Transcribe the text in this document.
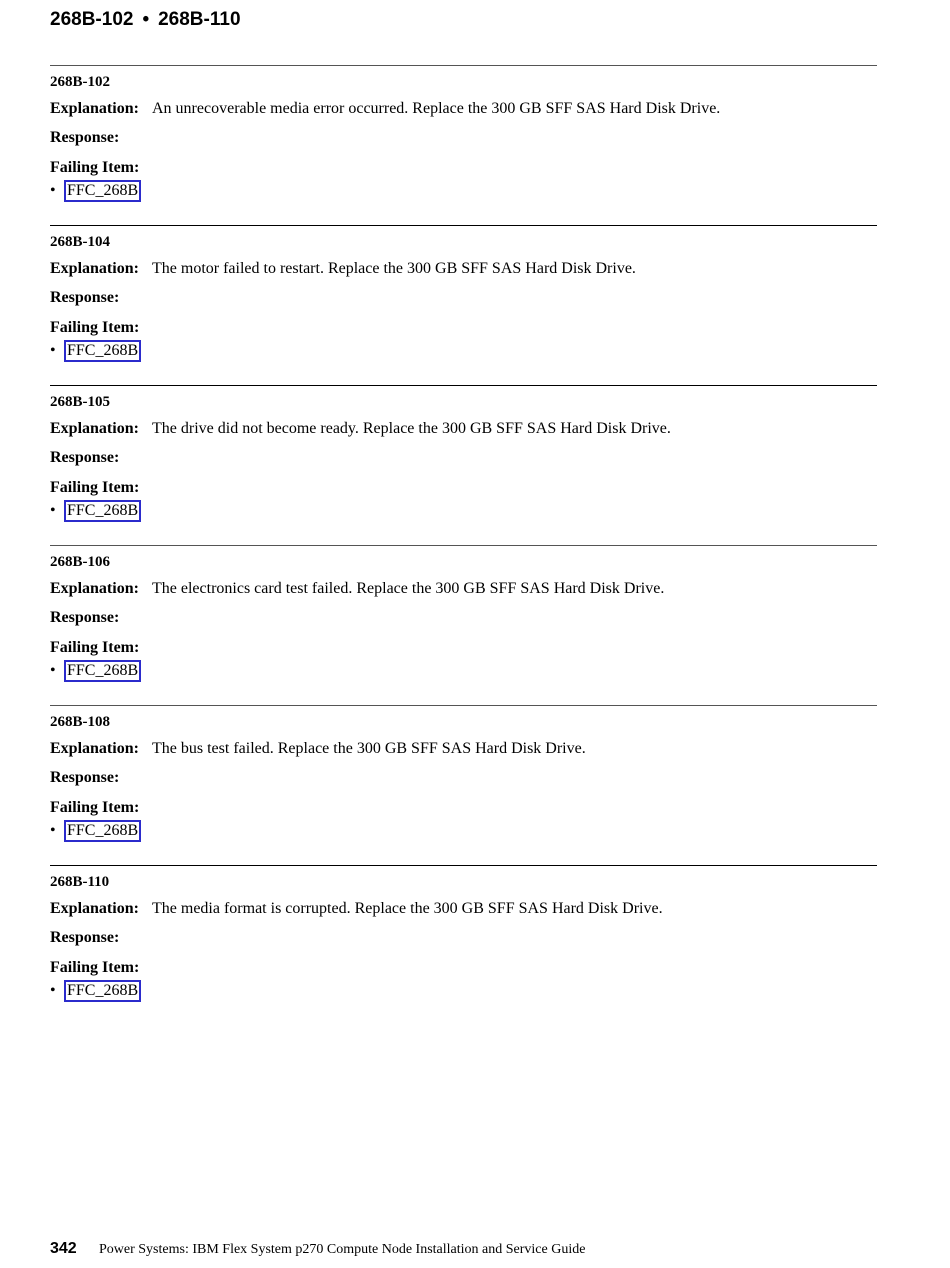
268B-102 • 268B-110
268B-102
Explanation: An unrecoverable media error occurred. Replace the 300 GB SFF SAS Hard Disk Drive.
Response:
Failing Item:
• FFC_268B
268B-104
Explanation: The motor failed to restart. Replace the 300 GB SFF SAS Hard Disk Drive.
Response:
Failing Item:
• FFC_268B
268B-105
Explanation: The drive did not become ready. Replace the 300 GB SFF SAS Hard Disk Drive.
Response:
Failing Item:
• FFC_268B
268B-106
Explanation: The electronics card test failed. Replace the 300 GB SFF SAS Hard Disk Drive.
Response:
Failing Item:
• FFC_268B
268B-108
Explanation: The bus test failed. Replace the 300 GB SFF SAS Hard Disk Drive.
Response:
Failing Item:
• FFC_268B
268B-110
Explanation: The media format is corrupted. Replace the 300 GB SFF SAS Hard Disk Drive.
Response:
Failing Item:
• FFC_268B
342 Power Systems: IBM Flex System p270 Compute Node Installation and Service Guide
